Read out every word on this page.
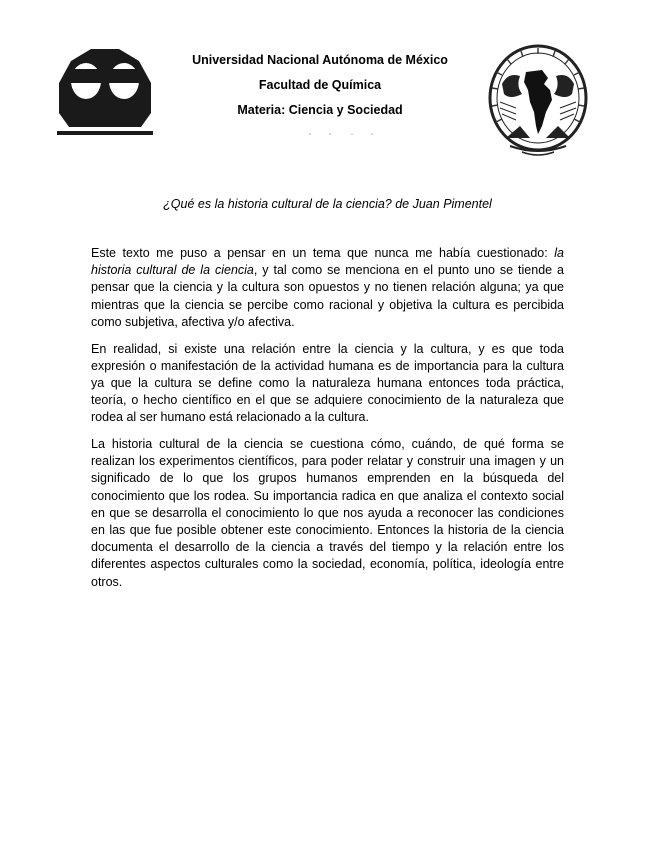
Universidad Nacional Autónoma de México
Facultad de Química
Materia: Ciencia y Sociedad
¿Qué es la historia cultural de la ciencia? de Juan Pimentel

Este texto me puso a pensar en un tema que nunca me había cuestionado: la historia cultural de la ciencia, y tal como se menciona en el punto uno se tiende a pensar que la ciencia y la cultura son opuestos y no tienen relación alguna; ya que mientras que la ciencia se percibe como racional y objetiva la cultura es percibida como subjetiva, afectiva y/o afectiva.

En realidad, si existe una relación entre la ciencia y la cultura, y es que toda expresión o manifestación de la actividad humana es de importancia para la cultura ya que la cultura se define como la naturaleza humana entonces toda práctica, teoría, o hecho científico en el que se adquiere conocimiento de la naturaleza que rodea al ser humano está relacionado a la cultura.

La historia cultural de la ciencia se cuestiona cómo, cuándo, de qué forma se realizan los experimentos científicos, para poder relatar y construir una imagen y un significado de lo que los grupos humanos emprenden en la búsqueda del conocimiento que los rodea. Su importancia radica en que analiza el contexto social en que se desarrolla el conocimiento lo que nos ayuda a reconocer las condiciones en las que fue posible obtener este conocimiento. Entonces la historia de la ciencia documenta el desarrollo de la ciencia a través del tiempo y la relación entre los diferentes aspectos culturales como la sociedad, economía, política, ideología entre otros.
